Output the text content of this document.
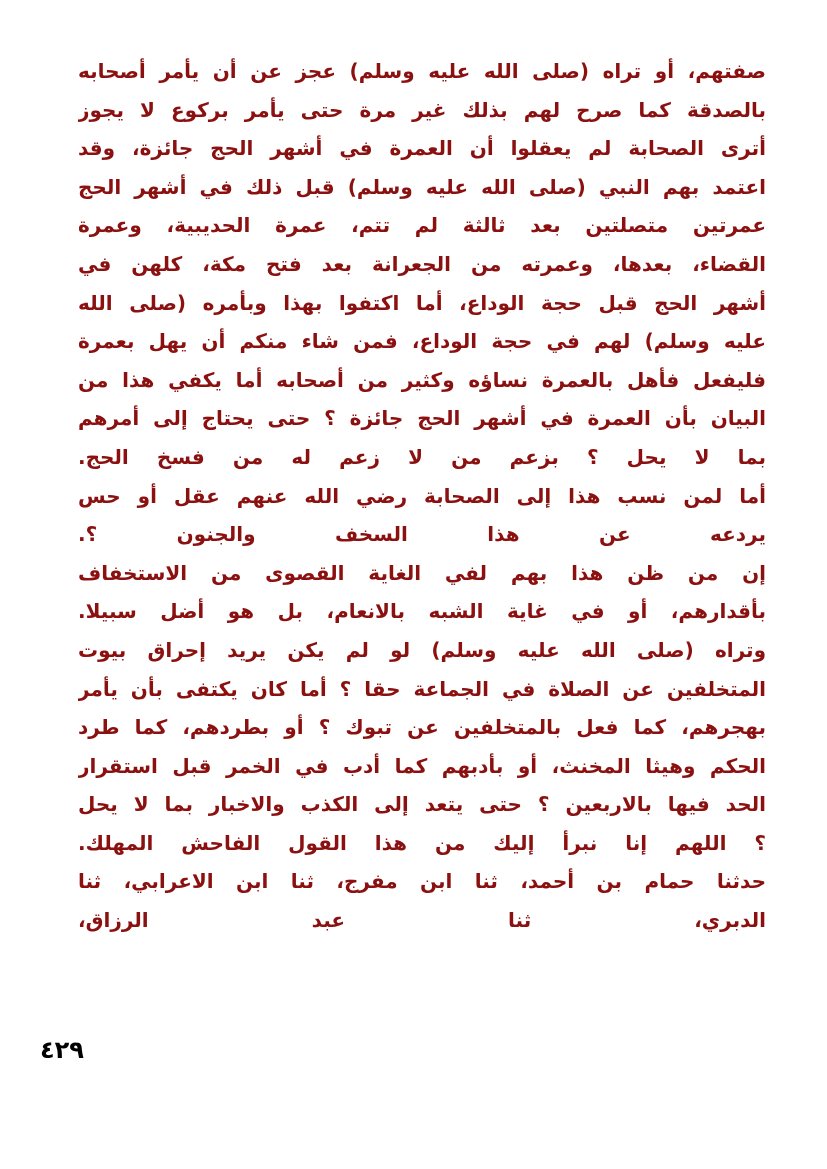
صفتهم، أو تراه (صلى الله عليه وسلم) عجز عن أن يأمر أصحابه
بالصدقة كما صرح لهم بذلك غير مرة حتى يأمر بركوع لا يجوز
أترى الصحابة لم يعقلوا أن العمرة في أشهر الحج جائزة، وقد
اعتمد بهم النبي (صلى الله عليه وسلم) قبل ذلك في أشهر الحج
عمرتين متصلتين بعد ثالثة لم تتم، عمرة الحديبية، وعمرة
القضاء، بعدها، وعمرته من الجعرانة بعد فتح مكة، كلهن في
أشهر الحج قبل حجة الوداع، أما اكتفوا بهذا وبأمره (صلى الله
عليه وسلم) لهم في حجة الوداع، فمن شاء منكم أن يهل بعمرة
فليفعل فأهل بالعمرة نساؤه وكثير من أصحابه أما يكفي هذا من
البيان بأن العمرة في أشهر الحج جائزة ؟ حتى يحتاج إلى أمرهم
بما لا يحل ؟ بزعم من لا زعم له من فسخ الحج.
أما لمن نسب هذا إلى الصحابة رضي الله عنهم عقل أو حس
يردعه عن هذا السخف والجنون ؟.
إن من ظن هذا بهم لفي الغاية القصوى من الاستخفاف
بأقدارهم، أو في غاية الشبه بالانعام، بل هو أضل سبيلا.
وتراه (صلى الله عليه وسلم) لو لم يكن يريد إحراق بيوت
المتخلفين عن الصلاة في الجماعة حقا ؟ أما كان يكتفى بأن يأمر
بهجرهم، كما فعل بالمتخلفين عن تبوك ؟ أو بطردهم، كما طرد
الحكم وهيثا المخنث، أو بأدبهم كما أدب في الخمر قبل استقرار
الحد فيها بالاربعين ؟ حتى يتعد إلى الكذب والاخبار بما لا يحل
؟ اللهم إنا نبرأ إليك من هذا القول الفاحش المهلك.
حدثنا حمام بن أحمد، ثنا ابن مفرج، ثنا ابن الاعرابي، ثنا
الدبري، ثنا عبد الرزاق،
٤٢٩
